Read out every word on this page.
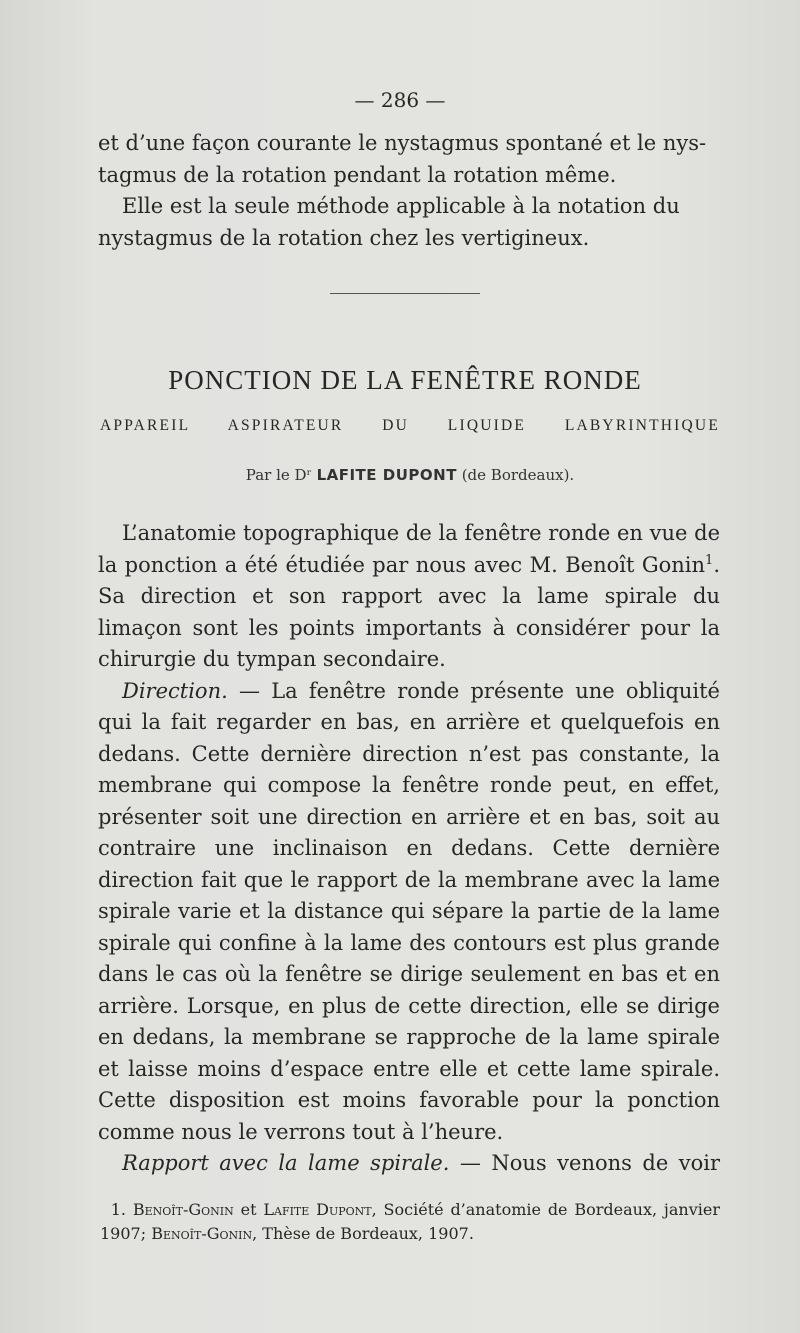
— 286 —

et d’une façon courante le nystagmus spontané et le nys-

tagmus de la rotation pendant la rotation même.

Elle est la seule méthode applicable à la notation du

nystagmus de la rotation chez les vertigineux.

PONCTION DE LA FENÊTRE RONDE
APPAREIL ASPIRATEUR DU LIQUIDE LABYRINTHIQUE
Par le Dʳ LAFITE DUPONT (de Bordeaux).

L’anatomie topographique de la fenêtre ronde en vue de la ponction a été étudiée par nous avec M. Benoît Gonin$^1$. Sa direction et son rapport avec la lame spirale du limaçon sont les points importants à considérer pour la chirurgie du tympan secondaire.

Direction. — La fenêtre ronde présente une obliquité qui la fait regarder en bas, en arrière et quelquefois en dedans. Cette dernière direction n’est pas constante, la membrane qui compose la fenêtre ronde peut, en effet, présenter soit une direction en arrière et en bas, soit au contraire une inclinaison en dedans. Cette dernière direction fait que le rapport de la membrane avec la lame spirale varie et la distance qui sépare la partie de la lame spirale qui confine à la lame des contours est plus grande dans le cas où la fenêtre se dirige seulement en bas et en arrière. Lorsque, en plus de cette direction, elle se dirige en dedans, la membrane se rapproche de la lame spirale et laisse moins d’espace entre elle et cette lame spirale. Cette disposition est moins favorable pour la ponction comme nous le verrons tout à l’heure.

Rapport avec la lame spirale. — Nous venons de voir

1. Benoît-Gonin et Lafite Dupont, Société d’anatomie de Bordeaux, janvier 1907; Benoît-Gonin, Thèse de Bordeaux, 1907.
